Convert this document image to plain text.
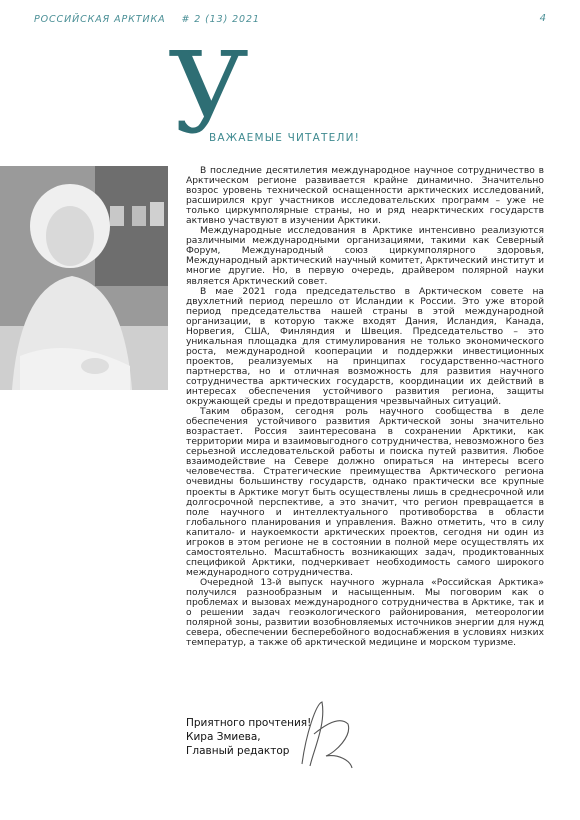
РОССИЙСКАЯ АРКТИКА # 2 (13) 2021	4
У
ВАЖАЕМЫЕ ЧИТАТЕЛИ!

В последние десятилетия международное научное сотрудничество в Арктическом регионе развивается крайне динамично. Значительно возрос уровень технической оснащенности арктических исследований, расширился круг участников исследовательских программ – уже не только циркумполярные страны, но и ряд неарктических государств активно участвуют в изучении Арктики.

Международные исследования в Арктике интенсивно реализуются различными международными организациями, такими как Северный Форум, Международный союз циркумполярного здоровья, Международный арктический научный комитет, Арктический институт и многие другие. Но, в первую очередь, драйвером полярной науки является Арктический совет.

В мае 2021 года председательство в Арктическом совете на двухлетний период перешло от Исландии к России. Это уже второй период председательства нашей страны в этой международной организации, в которую также входят Дания, Исландия, Канада, Норвегия, США, Финляндия и Швеция. Председательство – это уникальная площадка для стимулирования не только экономического роста, международной кооперации и поддержки инвестиционных проектов, реализуемых на принципах государственно-частного партнерства, но и отличная возможность для развития научного сотрудничества арктических государств, координации их действий в интересах обеспечения устойчивого развития региона, защиты окружающей среды и предотвращения чрезвычайных ситуаций.

Таким образом, сегодня роль научного сообщества в деле обеспечения устойчивого развития Арктической зоны значительно возрастает. Россия заинтересована в сохранении Арктики, как территории мира и взаимовыгодного сотрудничества, невозможного без серьезной исследовательской работы и поиска путей развития. Любое взаимодействие на Севере должно опираться на интересы всего человечества. Стратегические преимущества Арктического региона очевидны большинству государств, однако практически все крупные проекты в Арктике могут быть осуществлены лишь в среднесрочной или долгосрочной перспективе, а это значит, что регион превращается в поле научного и интеллектуального противоборства в области глобального планирования и управления. Важно отметить, что в силу капитало- и наукоемкости арктических проектов, сегодня ни один из игроков в этом регионе не в состоянии в полной мере осуществлять их самостоятельно. Масштабность возникающих задач, продиктованных спецификой Арктики, подчеркивает необходимость самого широкого международного сотрудничества.

Очередной 13-й выпуск научного журнала «Российская Арктика» получился разнообразным и насыщенным. Мы поговорим как о проблемах и вызовах международного сотрудничества в Арктике, так и о решении задач геоэкологического районирования, метеорологии полярной зоны, развитии возобновляемых источников энергии для нужд севера, обеспечении бесперебойного водоснабжения в условиях низких температур, а также об арктической медицине и морском туризме.

Приятного прочтения!
Кира Змиева,
Главный редактор
